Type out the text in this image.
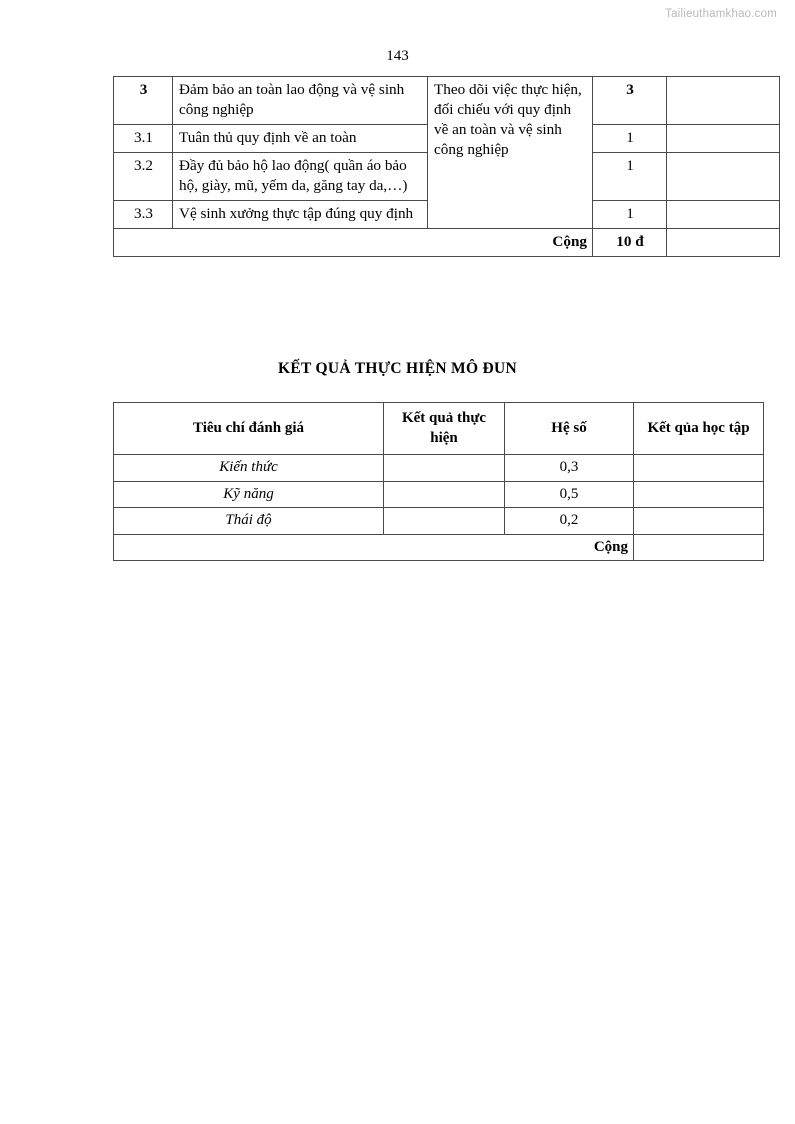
Tailieuthamkhao.com
143
3	Đảm bảo an toàn lao động và vệ sinh công nghiệp	Theo dõi việc thực hiện, đối chiếu với quy định về an toàn và vệ sinh công nghiệp	3	
3.1	Tuân thủ quy định về an toàn		1	
3.2	Đầy đủ bảo hộ lao động( quần áo bảo hộ, giày, mũ, yếm da, găng tay da,…)		1	
3.3	Vệ sinh xưởng thực tập đúng quy định		1	
Cộng			10 đ	
KẾT QUẢ THỰC HIỆN MÔ ĐUN
Tiêu chí đánh giá	Kết quả thực hiện	Hệ số	Kết qủa học tập
Kiến thức		0,3	
Kỹ năng		0,5	
Thái độ		0,2	
Cộng			
